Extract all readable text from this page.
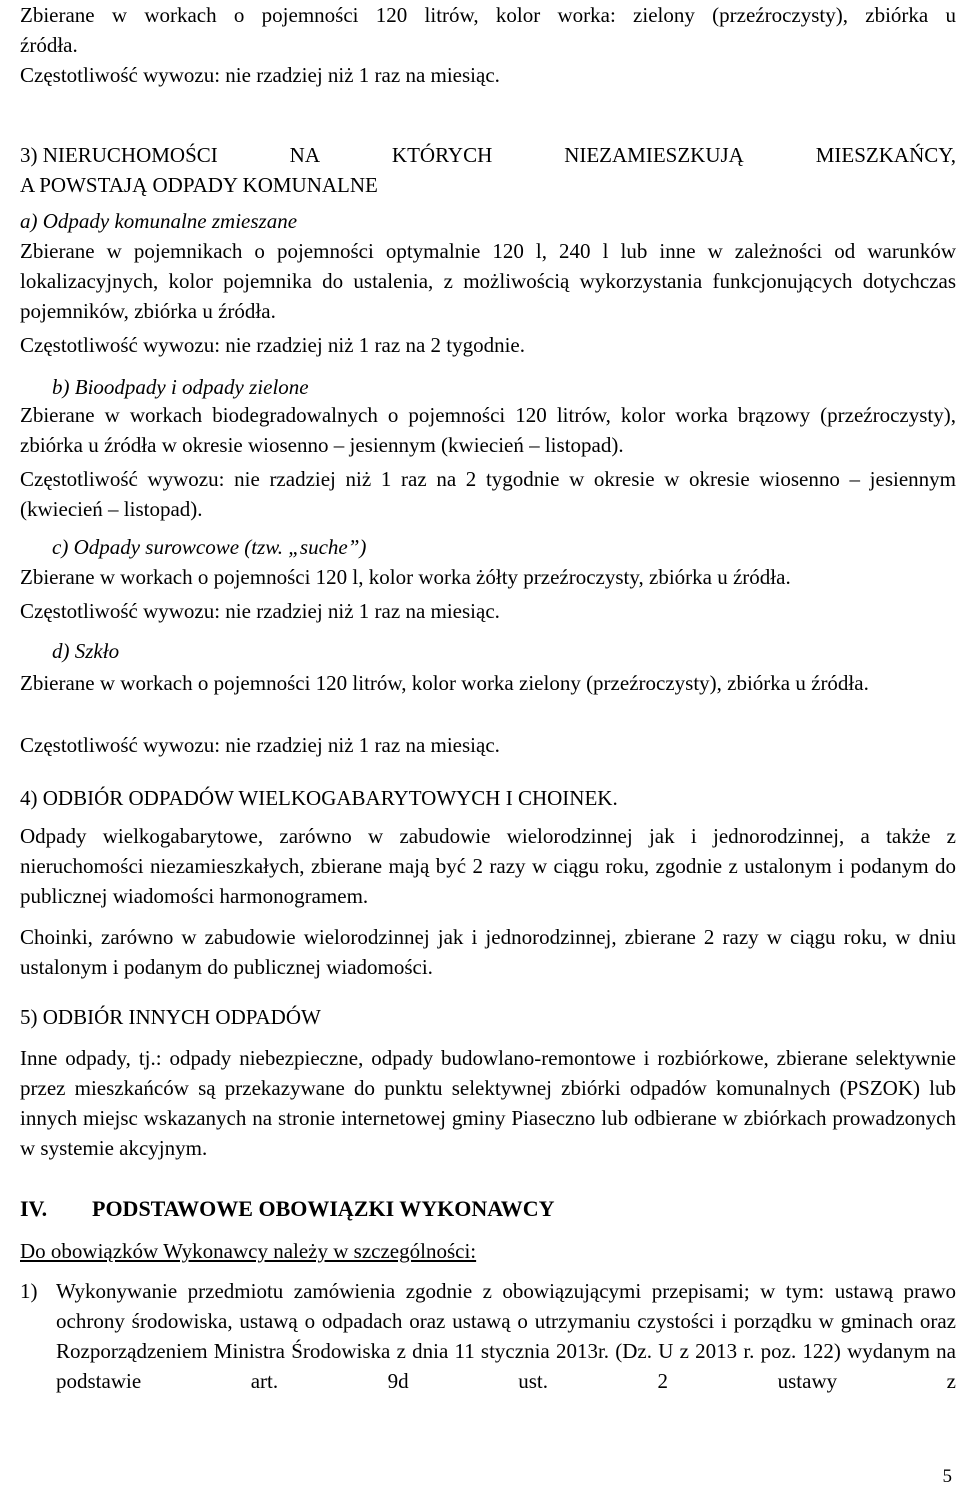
Zbierane w workach o pojemności 120 litrów, kolor worka: zielony (przeźroczysty), zbiórka u

źródła.

Częstotliwość wywozu: nie rzadziej niż 1 raz na miesiąc.

3) NIERUCHOMOŚCI	NA	KTÓRYCH	NIEZAMIESZKUJĄ	MIESZKAŃCY,

A POWSTAJĄ ODPADY KOMUNALNE

a) Odpady komunalne zmieszane

Zbierane w pojemnikach o pojemności optymalnie 120 l, 240 l lub inne w zależności od warunków lokalizacyjnych, kolor pojemnika do ustalenia, z możliwością wykorzystania funkcjonujących dotychczas pojemników, zbiórka u źródła.

Częstotliwość wywozu: nie rzadziej niż 1 raz na 2 tygodnie.

b) Bioodpady i odpady zielone

Zbierane w workach biodegradowalnych o pojemności 120 litrów, kolor worka brązowy (przeźroczysty), zbiórka u źródła w okresie wiosenno – jesiennym (kwiecień – listopad).

Częstotliwość wywozu: nie rzadziej niż 1 raz na 2 tygodnie w okresie w okresie wiosenno – jesiennym (kwiecień – listopad).

c) Odpady surowcowe (tzw. „suche”)

Zbierane w workach o pojemności 120 l, kolor worka żółty przeźroczysty, zbiórka u źródła.

Częstotliwość wywozu: nie rzadziej niż 1 raz na miesiąc.

d) Szkło

Zbierane w workach o pojemności 120 litrów, kolor worka zielony (przeźroczysty), zbiórka u źródła.

Częstotliwość wywozu: nie rzadziej niż 1 raz na miesiąc.

4) ODBIÓR ODPADÓW WIELKOGABARYTOWYCH I CHOINEK.

Odpady wielkogabarytowe, zarówno w zabudowie wielorodzinnej jak i jednorodzinnej, a także z nieruchomości niezamieszkałych, zbierane mają być 2 razy w ciągu roku, zgodnie z ustalonym i podanym do publicznej wiadomości harmonogramem.

Choinki, zarówno w zabudowie wielorodzinnej jak i jednorodzinnej, zbierane 2 razy w ciągu roku, w dniu ustalonym i podanym do publicznej wiadomości.

5) ODBIÓR INNYCH ODPADÓW

Inne odpady, tj.: odpady niebezpieczne, odpady budowlano-remontowe i rozbiórkowe, zbierane selektywnie przez mieszkańców są przekazywane do punktu selektywnej zbiórki odpadów komunalnych (PSZOK) lub innych miejsc wskazanych na stronie internetowej gminy Piaseczno lub odbierane w zbiórkach prowadzonych w systemie akcyjnym.

IV.	PODSTAWOWE OBOWIĄZKI WYKONAWCY

Do obowiązków Wykonawcy należy w szczególności:

1) Wykonywanie przedmiotu zamówienia zgodnie z obowiązującymi przepisami; w tym: ustawą prawo ochrony środowiska, ustawą o odpadach oraz ustawą o utrzymaniu czystości i porządku w gminach oraz Rozporządzeniem Ministra Środowiska z dnia 11 stycznia 2013r. (Dz. U z 2013 r. poz. 122) wydanym na podstawie art. 9d ust. 2 ustawy z

5
